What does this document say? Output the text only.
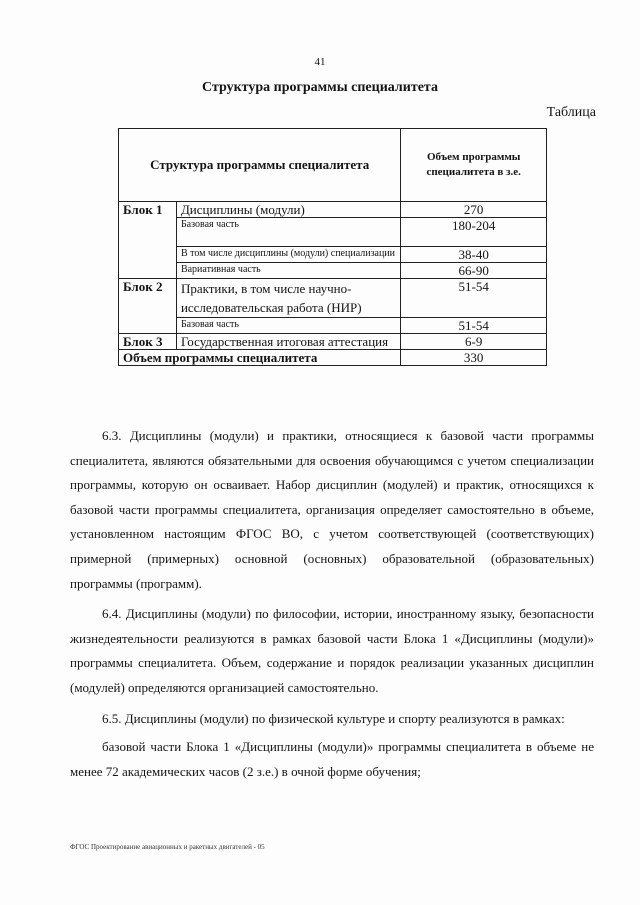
41
Структура программы специалитета
Таблица
Структура программы специалитета		Объем программы специалитета в з.е.
Блок 1	Дисциплины (модули)	270
	Базовая часть	180-204
	В том числе дисциплины (модули) специализации	38-40
	Вариативная часть	66-90
Блок 2	Практики, в том числе научно-исследовательская работа (НИР)	51-54
	Базовая часть	51-54
Блок 3	Государственная итоговая аттестация	6-9
Объем программы специалитета		330

6.3. Дисциплины (модули) и практики, относящиеся к базовой части программы специалитета, являются обязательными для освоения обучающимся с учетом специализации программы, которую он осваивает. Набор дисциплин (модулей) и практик, относящихся к базовой части программы специалитета, организация определяет самостоятельно в объеме, установленном настоящим ФГОС ВО, с учетом соответствующей (соответствующих) примерной (примерных) основной (основных) образовательной (образовательных) программы (программ).

6.4. Дисциплины (модули) по философии, истории, иностранному языку, безопасности жизнедеятельности реализуются в рамках базовой части Блока 1 «Дисциплины (модули)» программы специалитета. Объем, содержание и порядок реализации указанных дисциплин (модулей) определяются организацией самостоятельно.

6.5. Дисциплины (модули) по физической культуре и спорту реализуются в рамках:

базовой части Блока 1 «Дисциплины (модули)» программы специалитета в объеме не менее 72 академических часов (2 з.е.) в очной форме обучения;

ФГОС Проектирование авиационных и ракетных двигателей - 05
